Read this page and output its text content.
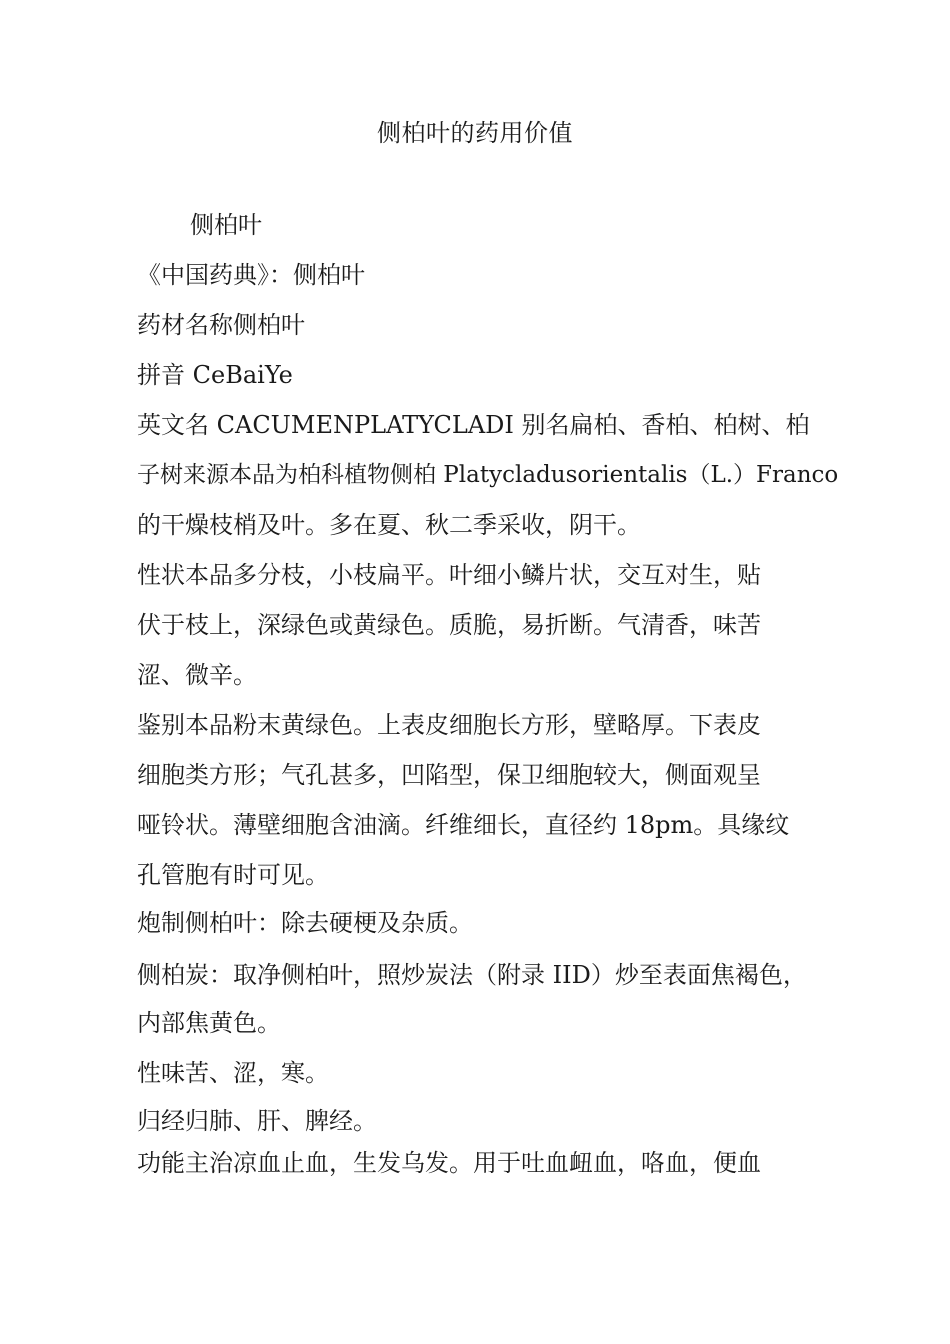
侧柏叶的药用价值
侧柏叶
《中国药典》：侧柏叶
药材名称侧柏叶
拼音 CeBaiYe
英文名 CACUMENPLATYCLADI 别名扁柏、香柏、柏树、柏
子树来源本品为柏科植物侧柏 Platycladusorientalis（L.）Franco
的干燥枝梢及叶。多在夏、秋二季采收，阴干。
性状本品多分枝，小枝扁平。叶细小鳞片状，交互对生，贴
伏于枝上，深绿色或黄绿色。质脆，易折断。气清香，味苦
涩、微辛。
鉴别本品粉末黄绿色。上表皮细胞长方形，壁略厚。下表皮
细胞类方形；气孔甚多，凹陷型，保卫细胞较大，侧面观呈
哑铃状。薄壁细胞含油滴。纤维细长，直径约 18pm。具缘纹
孔管胞有时可见。
炮制侧柏叶：除去硬梗及杂质。
侧柏炭：取净侧柏叶，照炒炭法（附录 IID）炒至表面焦褐色，
内部焦黄色。
性味苦、涩，寒。
归经归肺、肝、脾经。
功能主治凉血止血，生发乌发。用于吐血衄血，咯血，便血
